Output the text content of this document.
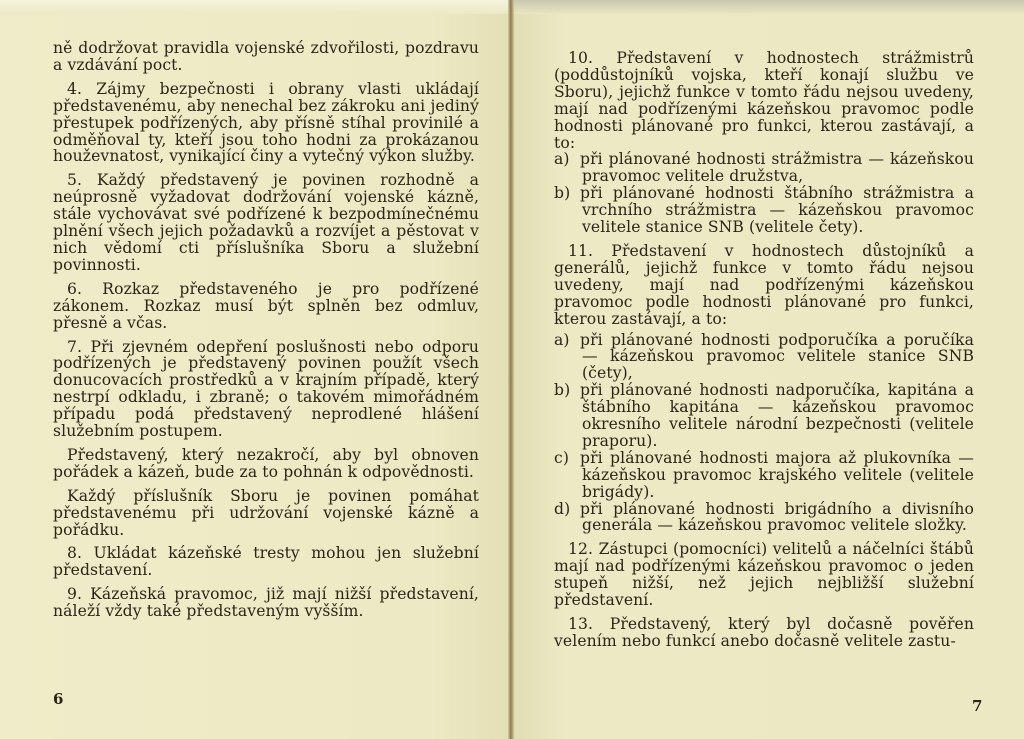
ně dodržovat pravidla vojenské zdvořilosti, pozdravu a vzdávání poct.

4. Zájmy bezpečnosti i obrany vlasti ukládají představenému, aby nenechal bez zákroku ani jediný přestupek podřízených, aby přísně stíhal provinilé a odměňoval ty, kteří jsou toho hodni za prokázanou houževnatost, vynikající činy a vytečný výkon služby.

5. Každý představený je povinen rozhodně a neúprosně vyžadovat dodržování vojenské kázně, stále vychovávat své podřízené k bezpodmínečnému plnění všech jejich požadavků a rozvíjet a pěstovat v nich vědomí cti příslušníka Sboru a služební povinnosti.

6. Rozkaz představeného je pro podřízené zákonem. Rozkaz musí být splněn bez odmluv, přesně a včas.

7. Při zjevném odepření poslušnosti nebo odporu podřízených je představený povinen použít všech donucovacích prostředků a v krajním případě, který nestrpí odkladu, i zbraně; o takovém mimořádném případu podá představený neprodlené hlášení služebním postupem.

Představený, který nezakročí, aby byl obnoven pořádek a kázeň, bude za to pohnán k odpovědnosti.

Každý příslušník Sboru je povinen pomáhat představenému při udržování vojenské kázně a pořádku.

8. Ukládat kázeňské tresty mohou jen služební představení.

9. Kázeňská pravomoc, již mají nižší představení, náleží vždy také představeným vyšším.

6

10. Představení v hodnostech strážmistrů (poddůstojníků vojska, kteří konají službu ve Sboru), jejichž funkce v tomto řádu nejsou uvedeny, mají nad podřízenými kázeňskou pravomoc podle hodnosti plánované pro funkci, kterou zastávají, a to:

a) při plánované hodnosti strážmistra — kázeňskou pravomoc velitele družstva,

b) při plánované hodnosti štábního strážmistra a vrchního strážmistra — kázeňskou pravomoc velitele stanice SNB (velitele čety).

11. Představení v hodnostech důstojníků a generálů, jejichž funkce v tomto řádu nejsou uvedeny, mají nad podřízenými kázeňskou pravomoc podle hodnosti plánované pro funkci, kterou zastávají, a to:

a) při plánované hodnosti podporučíka a poručíka — kázeňskou pravomoc velitele stanice SNB (čety),

b) při plánované hodnosti nadporučíka, kapitána a štábního kapitána — kázeňskou pravomoc okresního velitele národní bezpečnosti (velitele praporu).

c) při plánované hodnosti majora až plukovníka — kázeňskou pravomoc krajského velitele (velitele brigády).

d) při plánované hodnosti brigádního a divisního generála — kázeňskou pravomoc velitele složky.

12. Zástupci (pomocníci) velitelů a náčelníci štábů mají nad podřízenými kázeňskou pravomoc o jeden stupeň nižší, než jejich nejbližší služební představení.

13. Představený, který byl dočasně pověřen velením nebo funkcí anebo dočasně velitele zastu-

7
